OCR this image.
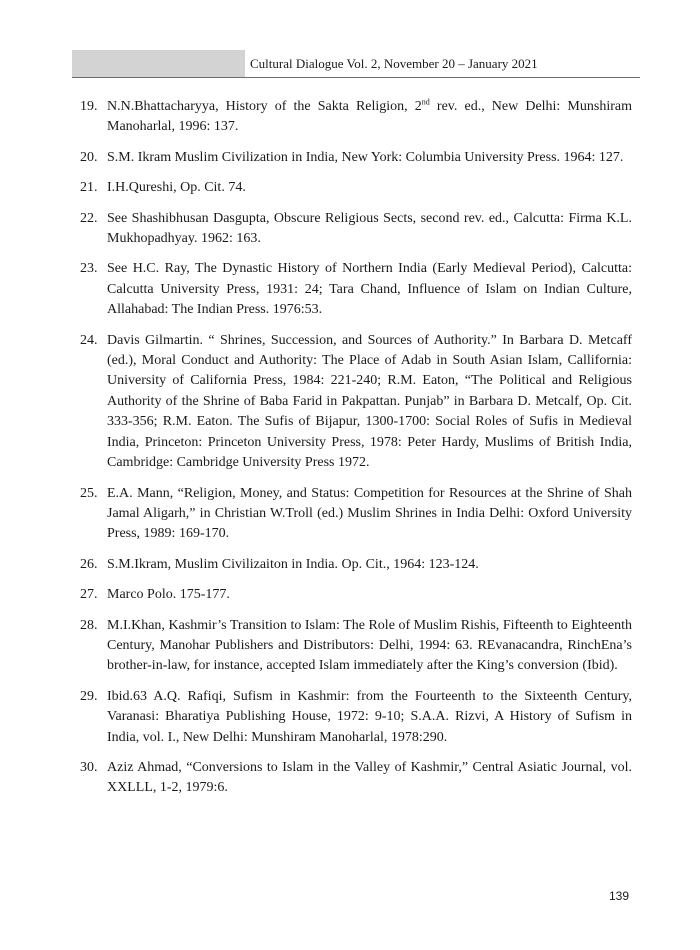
Cultural Dialogue Vol. 2, November 20 – January 2021
19. N.N.Bhattacharyya, History of the Sakta Religion, 2nd rev. ed., New Delhi: Munshiram Manoharlal, 1996: 137.
20. S.M. Ikram Muslim Civilization in India, New York: Columbia University Press. 1964: 127.
21. I.H.Qureshi, Op. Cit. 74.
22. See Shashibhusan Dasgupta, Obscure Religious Sects, second rev. ed., Calcutta: Firma K.L. Mukhopadhyay. 1962: 163.
23. See H.C. Ray, The Dynastic History of Northern India (Early Medieval Period), Calcutta: Calcutta University Press, 1931: 24; Tara Chand, Influence of Islam on Indian Culture, Allahabad: The Indian Press. 1976:53.
24. Davis Gilmartin. “ Shrines, Succession, and Sources of Authority.” In Barbara D. Metcaff (ed.), Moral Conduct and Authority: The Place of Adab in South Asian Islam, Callifornia: University of California Press, 1984: 221-240; R.M. Eaton, “The Political and Religious Authority of the Shrine of Baba Farid in Pakpattan. Punjab” in Barbara D. Metcalf, Op. Cit. 333-356; R.M. Eaton. The Sufis of Bijapur, 1300-1700: Social Roles of Sufis in Medieval India, Princeton: Princeton University Press, 1978: Peter Hardy, Muslims of British India, Cambridge: Cambridge University Press 1972.
25. E.A. Mann, “Religion, Money, and Status: Competition for Resources at the Shrine of Shah Jamal Aligarh,” in Christian W.Troll (ed.) Muslim Shrines in India Delhi: Oxford University Press, 1989: 169-170.
26. S.M.Ikram, Muslim Civilizaiton in India. Op. Cit., 1964: 123-124.
27. Marco Polo. 175-177.
28. M.I.Khan, Kashmir’s Transition to Islam: The Role of Muslim Rishis, Fifteenth to Eighteenth Century, Manohar Publishers and Distributors: Delhi, 1994: 63. REvanacandra, RinchEna’s brother-in-law, for instance, accepted Islam immediately after the King’s conversion (Ibid).
29. Ibid.63 A.Q. Rafiqi, Sufism in Kashmir: from the Fourteenth to the Sixteenth Century, Varanasi: Bharatiya Publishing House, 1972: 9-10; S.A.A. Rizvi, A History of Sufism in India, vol. I., New Delhi: Munshiram Manoharlal, 1978:290.
30. Aziz Ahmad, “Conversions to Islam in the Valley of Kashmir,” Central Asiatic Journal, vol. XXLLL, 1-2, 1979:6.
139
